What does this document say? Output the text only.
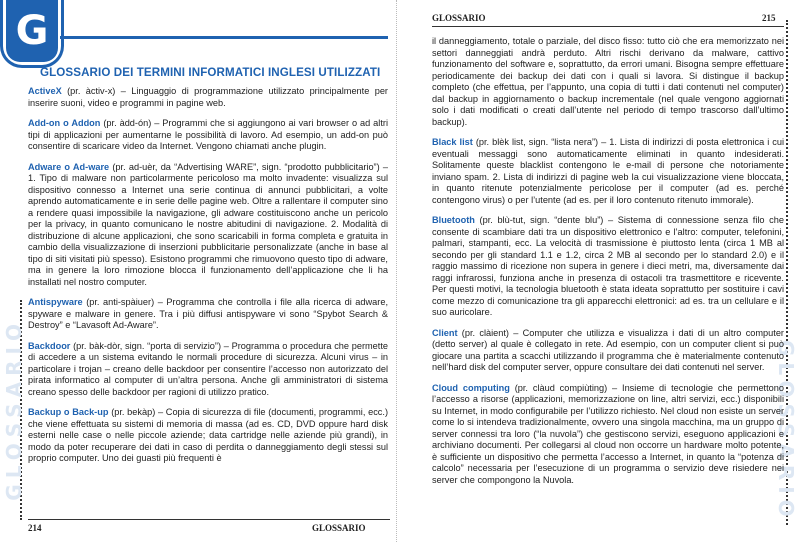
G
GLOSSARIO DEI TERMINI INFORMATICI INGLESI UTILIZZATI
GLOSSARIO

ActiveX (pr. àctiv-x) – Linguaggio di programmazione utilizzato principalmente per inserire suoni, video e programmi in pagine web.

Add-on o Addon (pr. àdd-ón) – Programmi che si aggiungono ai vari browser o ad altri tipi di applicazioni per aumentarne le possibilità di lavoro. Ad esempio, un add-on può consentire di scaricare video da Internet. Vengono chiamati anche plugin.

Adware o Ad-ware (pr. ad-uèr, da “Advertising WARE”, sign. “prodotto pubblicitario”) – 1. Tipo di malware non particolarmente pericoloso ma molto invadente: visualizza sul dispositivo connesso a Internet una serie continua di annunci pubblicitari, a volte aprendo automaticamente e in serie delle pagine web. Oltre a rallentare il computer sino a rendere quasi impossibile la navigazione, gli adware costituiscono anche un pericolo per la privacy, in quanto comunicano le nostre abitudini di navigazione. 2. Modalità di distribuzione di alcune applicazioni, che sono scaricabili in forma completa e gratuita in cambio della visualizzazione di inserzioni pubblicitarie personalizzate (anche in base al tipo di siti visitati più spesso). Esistono programmi che rimuovono questo tipo di adware, ma in genere la loro rimozione blocca il funzionamento dell’applicazione che li ha installati nel nostro computer.

Antispyware (pr. anti-spàiuer) – Programma che controlla i file alla ricerca di adware, spyware e malware in genere. Tra i più diffusi antispyware vi sono “Spybot Search & Destroy” e “Lavasoft Ad-Aware”.

Backdoor (pr. bàk-dòr, sign. “porta di servizio”) – Programma o procedura che permette di accedere a un sistema evitando le normali procedure di sicurezza. Alcuni virus – in particolare i trojan – creano delle backdoor per consentire l’accesso non autorizzato del pirata informatico al computer di un’altra persona. Anche gli amministratori di sistema creano spesso delle backdoor per ragioni di utilizzo pratico.

Backup o Back-up (pr. bekàp) – Copia di sicurezza di file (documenti, programmi, ecc.) che viene effettuata su sistemi di memoria di massa (ad es. CD, DVD oppure hard disk esterni nelle case o nelle piccole aziende; data cartridge nelle aziende più grandi), in modo da poter recuperare dei dati in caso di perdita o danneggiamento degli stessi sul proprio computer. Uno dei guasti più frequenti è

214	GLOSSARIO
GLOSSARIO	215
GLOSSARIO

il danneggiamento, totale o parziale, del disco fisso: tutto ciò che era memorizzato nei settori danneggiati andrà perduto. Altri rischi derivano da malware, cattivo funzionamento del software e, soprattutto, da errori umani. Bisogna sempre effettuare periodicamente dei backup dei dati con i quali si lavora. Si distingue il backup completo (che effettua, per l’appunto, una copia di tutti i dati contenuti nel computer) dal backup in aggiornamento o backup incrementale (nel quale vengono aggiornati solo i dati modificati o creati dall’utente nel periodo di tempo trascorso dall’ultimo backup).

Black list (pr. blèk list, sign. “lista nera”) – 1. Lista di indirizzi di posta elettronica i cui eventuali messaggi sono automaticamente eliminati in quanto indesiderati. Solitamente queste blacklist contengono le e-mail di persone che notoriamente inviano spam. 2. Lista di indirizzi di pagine web la cui visualizzazione viene bloccata, in quanto ritenute potenzialmente pericolose per il computer (ad es. perché contengono virus) o per l’utente (ad es. per il loro contenuto ritenuto immorale).

Bluetooth (pr. blù-tut, sign. “dente blu”) – Sistema di connessione senza filo che consente di scambiare dati tra un dispositivo elettronico e l’altro: computer, telefonini, palmari, stampanti, ecc. La velocità di trasmissione è piuttosto lenta (circa 1 MB al secondo per gli standard 1.1 e 1.2, circa 2 MB al secondo per lo standard 2.0) e il raggio massimo di ricezione non supera in genere i dieci metri, ma, diversamente dai raggi infrarossi, funziona anche in presenza di ostacoli tra trasmettitore e ricevente. Per questi motivi, la tecnologia bluetooth è stata ideata soprattutto per sostituire i cavi come mezzo di comunicazione tra gli apparecchi elettronici: ad es. tra un cellulare e il suo auricolare.

Client (pr. clàient) – Computer che utilizza e visualizza i dati di un altro computer (detto server) al quale è collegato in rete. Ad esempio, con un computer client si può giocare una partita a scacchi utilizzando il programma che è materialmente contenuto nell’hard disk del computer server, oppure consultare dei dati contenuti nel server.

Cloud computing (pr. clàud compiùting) – Insieme di tecnologie che permettono l’accesso a risorse (applicazioni, memorizzazione on line, altri servizi, ecc.) disponibili su Internet, in modo configurabile per l’utilizzo richiesto. Nel cloud non esiste un server come lo si intendeva tradizionalmente, ovvero una singola macchina, ma un gruppo di server connessi tra loro (“la nuvola”) che gestiscono servizi, eseguono applicazioni e archiviano documenti. Per collegarsi al cloud non occorre un hardware molto potente, è sufficiente un dispositivo che permetta l’accesso a Internet, in quanto la “potenza di calcolo” necessaria per l’esecuzione di un programma o servizio deve risiedere nei server che compongono la Nuvola.
